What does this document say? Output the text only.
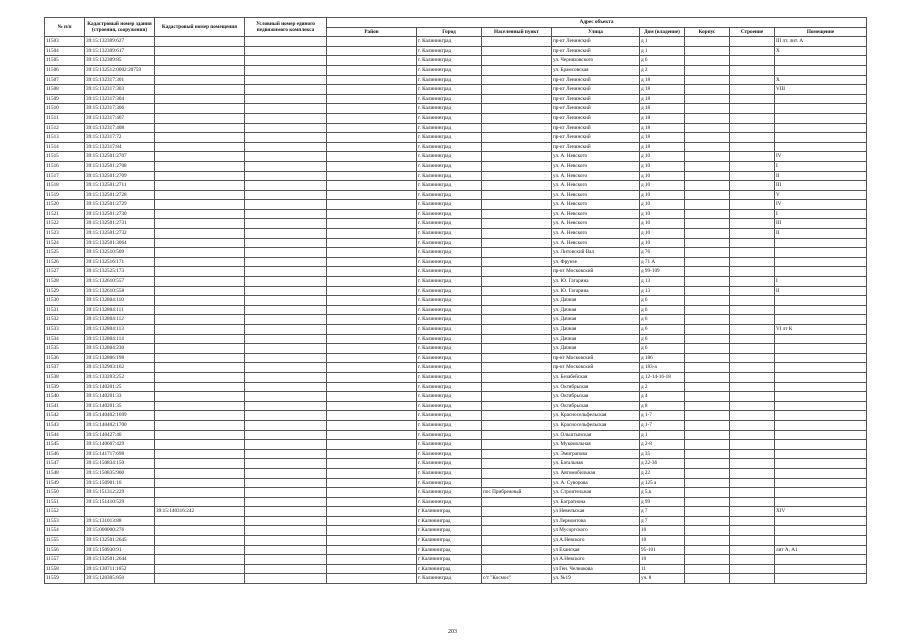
№ п/п	Кадастровый номер здания (строения, сооружения)	Кадастровый номер помещения	Условный номер единого недвижимого комплекса	Адрес объекта							
				Район	Город	Населенный пункт	Улица	Дом (владение)	Корпус	Строение	Помещение
11503	39:15:132309:627				г. Калининград		пр-кт Ленинский	д 1			III лт. лит. А
11504	39:15:132309:617				г. Калининград		пр-кт Ленинский	д 1			X
11505	39:15:132309:85				г. Калининград		ул. Черняховского	д 6			
11506	39:15:132512:0002:20759				г. Калининград		ул. Брамсовская	д 2			
11507	39:15:132317:301				г. Калининград		пр-кт Ленинский	д 18			X
11508	39:15:132317:303				г. Калининград		пр-кт Ленинский	д 18			VIII
11509	39:15:132317:304				г. Калининград		пр-кт Ленинский	д 18			
11510	39:15:132317:306				г. Калининград		пр-кт Ленинский	д 18			
11511	39:15:132317:467				г. Калининград		пр-кт Ленинский	д 18			
11512	39:15:132317:408				г. Калининград		пр-кт Ленинский	д 18			
11513	39:15:132317:72				г. Калининград		пр-кт Ленинский	д 18			
11514	39:15:132317:84				г. Калининград		пр-кт Ленинский	д 18			
11515	39:15:132501:2707				г. Калининград		ул. А. Невского	д 10			IV
11516	39:15:132501:2708				г. Калининград		ул. А. Невского	д 10			I
11517	39:15:132501:2709				г. Калининград		ул. А. Невского	д 10			II
11518	39:15:132501:2711				г. Калининград		ул. А. Невского	д 10			III
11519	39:15:132501:2728				г. Калининград		ул. А. Невского	д 10			V
11520	39:15:132501:2729				г. Калининград		ул. А. Невского	д 10			IV
11521	39:15:132501:2730				г. Калининград		ул. А. Невского	д 10			I
11522	39:15:132501:2731				г. Калининград		ул. А. Невского	д 10			III
11523	39:15:132501:2732				г. Калининград		ул. А. Невского	д 10			II
11524	39:15:132501:3064				г. Калининград		ул. А. Невского	д 10			
11525	39:15:132510:509				г. Калининград		ул. Литовский Вал	д 76			
11526	39:15:132516:171				г. Калининград		ул. Фрунзе	д 71 А			
11527	39:15:132525:173				г. Калининград		пр-кт Московский	д 99-109			
11528	39:15:132610:557				г. Калининград		ул. Ю. Гагарина	д 13			I
11529	39:15:132610:558				г. Калининград		ул. Ю. Гагарина	д 13			II
11530	39:15:132804:110				г. Калининград		ул. Дачная	д 6			
11531	39:15:132804:111				г. Калининград		ул. Дачная	д 6			
11532	39:15:132804:112				г. Калининград		ул. Дачная	д 6			
11533	39:15:132804:113				г. Калининград		ул. Дачная	д 6			VI лт К
11534	39:15:132804:114				г. Калининград		ул. Дачная	д 6			
11535	39:15:132804:230				г. Калининград		ул. Дачная	д 6			
11536	39:15:132806:198				г. Калининград		пр-кт Московский	д 186			
11537	39:15:132903:162				г. Калининград		пр-кт Московский	д 183-а			
11538	39:15:133203:252				г. Калининград		ул. Безабейская	д 12-14-16-18			
11539	39:15:140201:25				г. Калининград		ул. Октябрьская	д 2			
11540	39:15:140201:33				г. Калининград		ул. Октябрьская	д 4			
11541	39:15:140201:35				г. Калининград		ул. Октябрьская	д 8			
11542	39:15:140402:1699				г. Калининград		ул. Красносельфельская	д 1-7			
11543	39:15:140402:1700				г. Калининград		ул. Красносельфельская	д 1-7			
11544	39:15:140427:40				г. Калининград		ул. Ольштынская	д 1			
11545	39:15:140607:429				г. Калининград		ул. Мукомольная	д 2-8			
11546	39:15:141717:698				г. Калининград		ул. Эмиграпова	д 35			
11547	39:15:150834:150				г. Калининград		ул. Батальная	д 22-36			
11548	39:15:150835:900				г. Калининград		ул. Автомобильная	д 22			
11549	39:15:150901:16				г. Калининград		ул. А. Суворова	д 125 а			
11550	39:15:151312:229				г. Калининград	пос Прибрежный	ул. Строительная	д 5,к			
11551	39:15:151410:529				г. Калининград		ул. Багратиона	д 99			
11552		39:15:140316:242			г Калининград		ул Невельская	д 7			XIV
11553	39:15:131013:88				г Калининград		ул Лермонтова	д 7			
11554	39:15:000000:276				г Калининград		ул Мусоргского	10			
11555	39:15:132501:2645				г Калининград		ул А.Невского	10			
11556	39:15:150930:91				г Калининград		ул Еханская	95-101			лит А, А1
11557	39:15:132501:2644				г Калининград		ул А.Невского	10			
11558	39:15:130711:1652				г Калининград		ул Ген. Челнокова	11			
11559	39:15:120305:850				г. Калининград	с/т "Космос"	ул. №19	уч. 8			
203
